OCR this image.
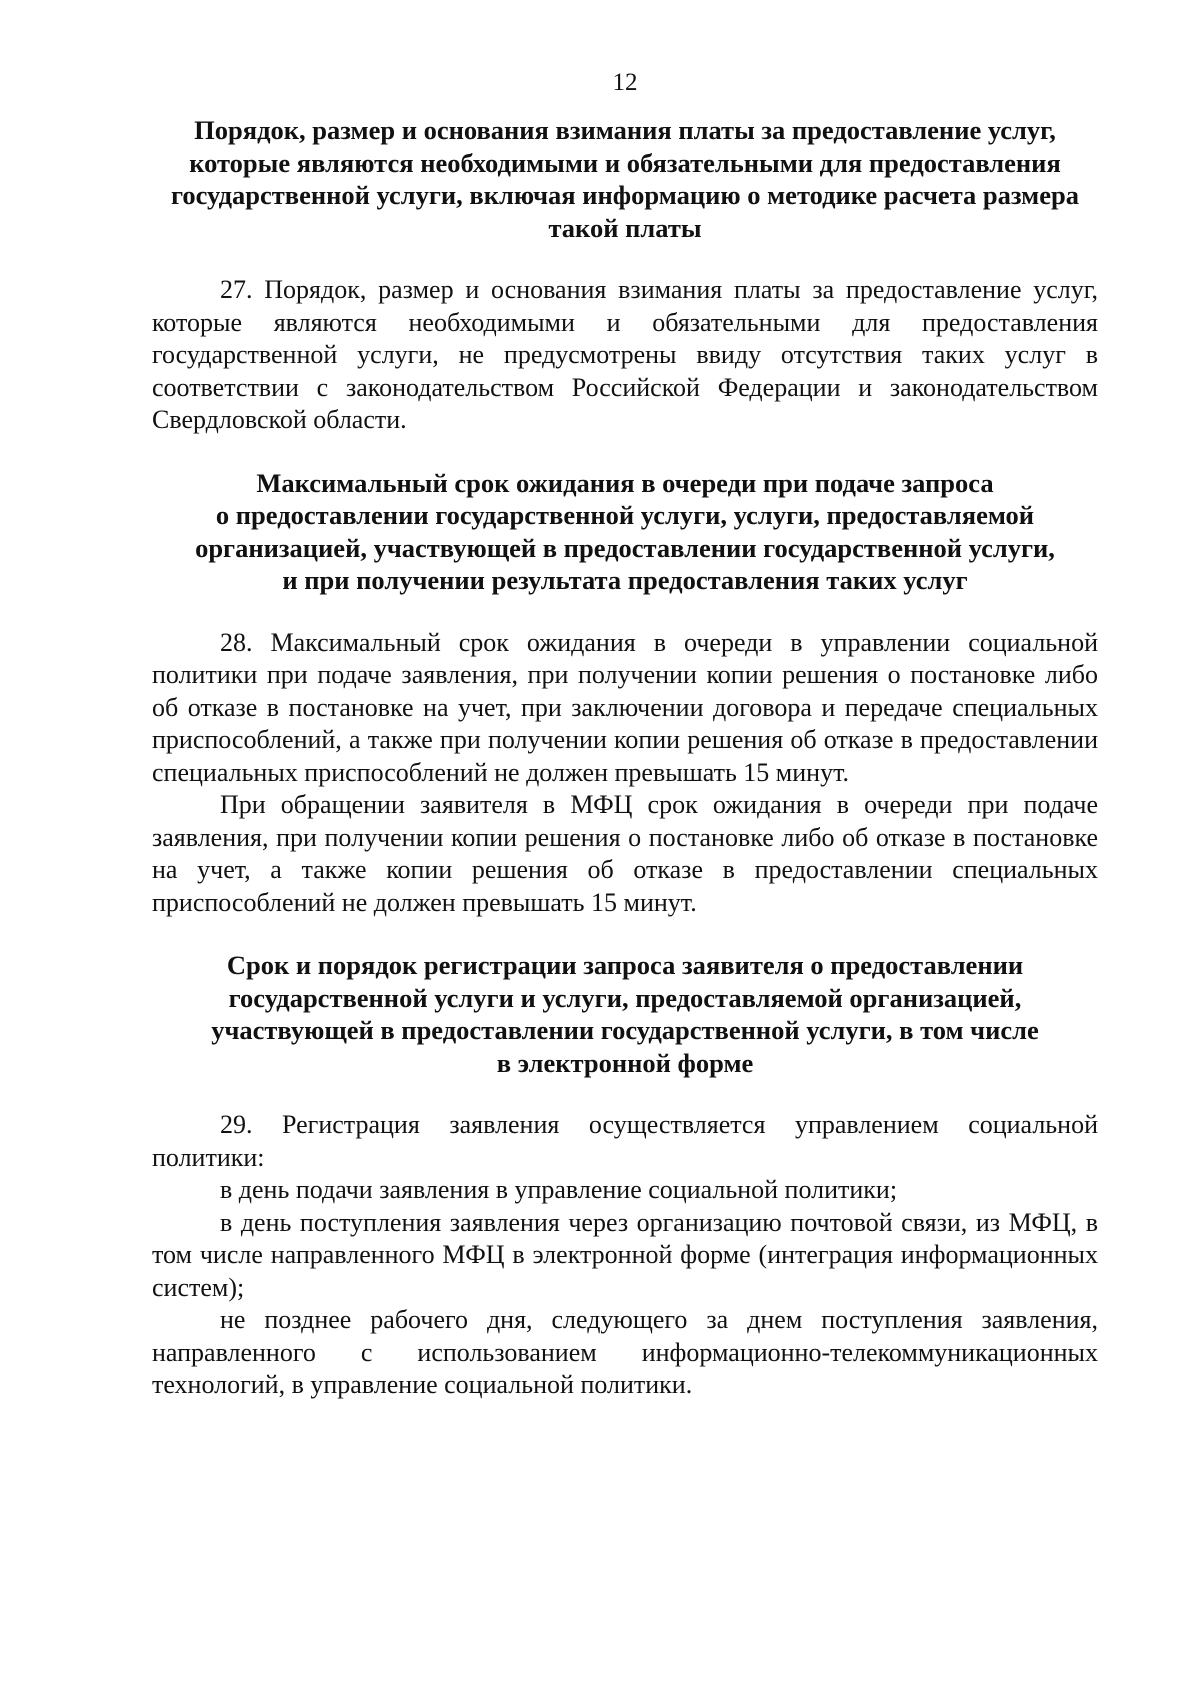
12
Порядок, размер и основания взимания платы за предоставление услуг,
которые являются необходимыми и обязательными для предоставления
государственной услуги, включая информацию о методике расчета размера
такой платы

27. Порядок, размер и основания взимания платы за предоставление услуг, которые являются необходимыми и обязательными для предоставления государственной услуги, не предусмотрены ввиду отсутствия таких услуг в соответствии с законодательством Российской Федерации и законодательством Свердловской области.

Максимальный срок ожидания в очереди при подаче запроса
о предоставлении государственной услуги, услуги, предоставляемой
организацией, участвующей в предоставлении государственной услуги,
и при получении результата предоставления таких услуг

28. Максимальный срок ожидания в очереди в управлении социальной политики при подаче заявления, при получении копии решения о постановке либо об отказе в постановке на учет, при заключении договора и передаче специальных приспособлений, а также при получении копии решения об отказе в предоставлении специальных приспособлений не должен превышать 15 минут.

При обращении заявителя в МФЦ срок ожидания в очереди при подаче заявления, при получении копии решения о постановке либо об отказе в постановке на учет, а также копии решения об отказе в предоставлении специальных приспособлений не должен превышать 15 минут.

Срок и порядок регистрации запроса заявителя о предоставлении
государственной услуги и услуги, предоставляемой организацией,
участвующей в предоставлении государственной услуги, в том числе
в электронной форме

29. Регистрация заявления осуществляется управлением социальной политики:

в день подачи заявления в управление социальной политики;

в день поступления заявления через организацию почтовой связи, из МФЦ, в том числе направленного МФЦ в электронной форме (интеграция информационных систем);

не позднее рабочего дня, следующего за днем поступления заявления, направленного с использованием информационно-телекоммуникационных технологий, в управление социальной политики.
